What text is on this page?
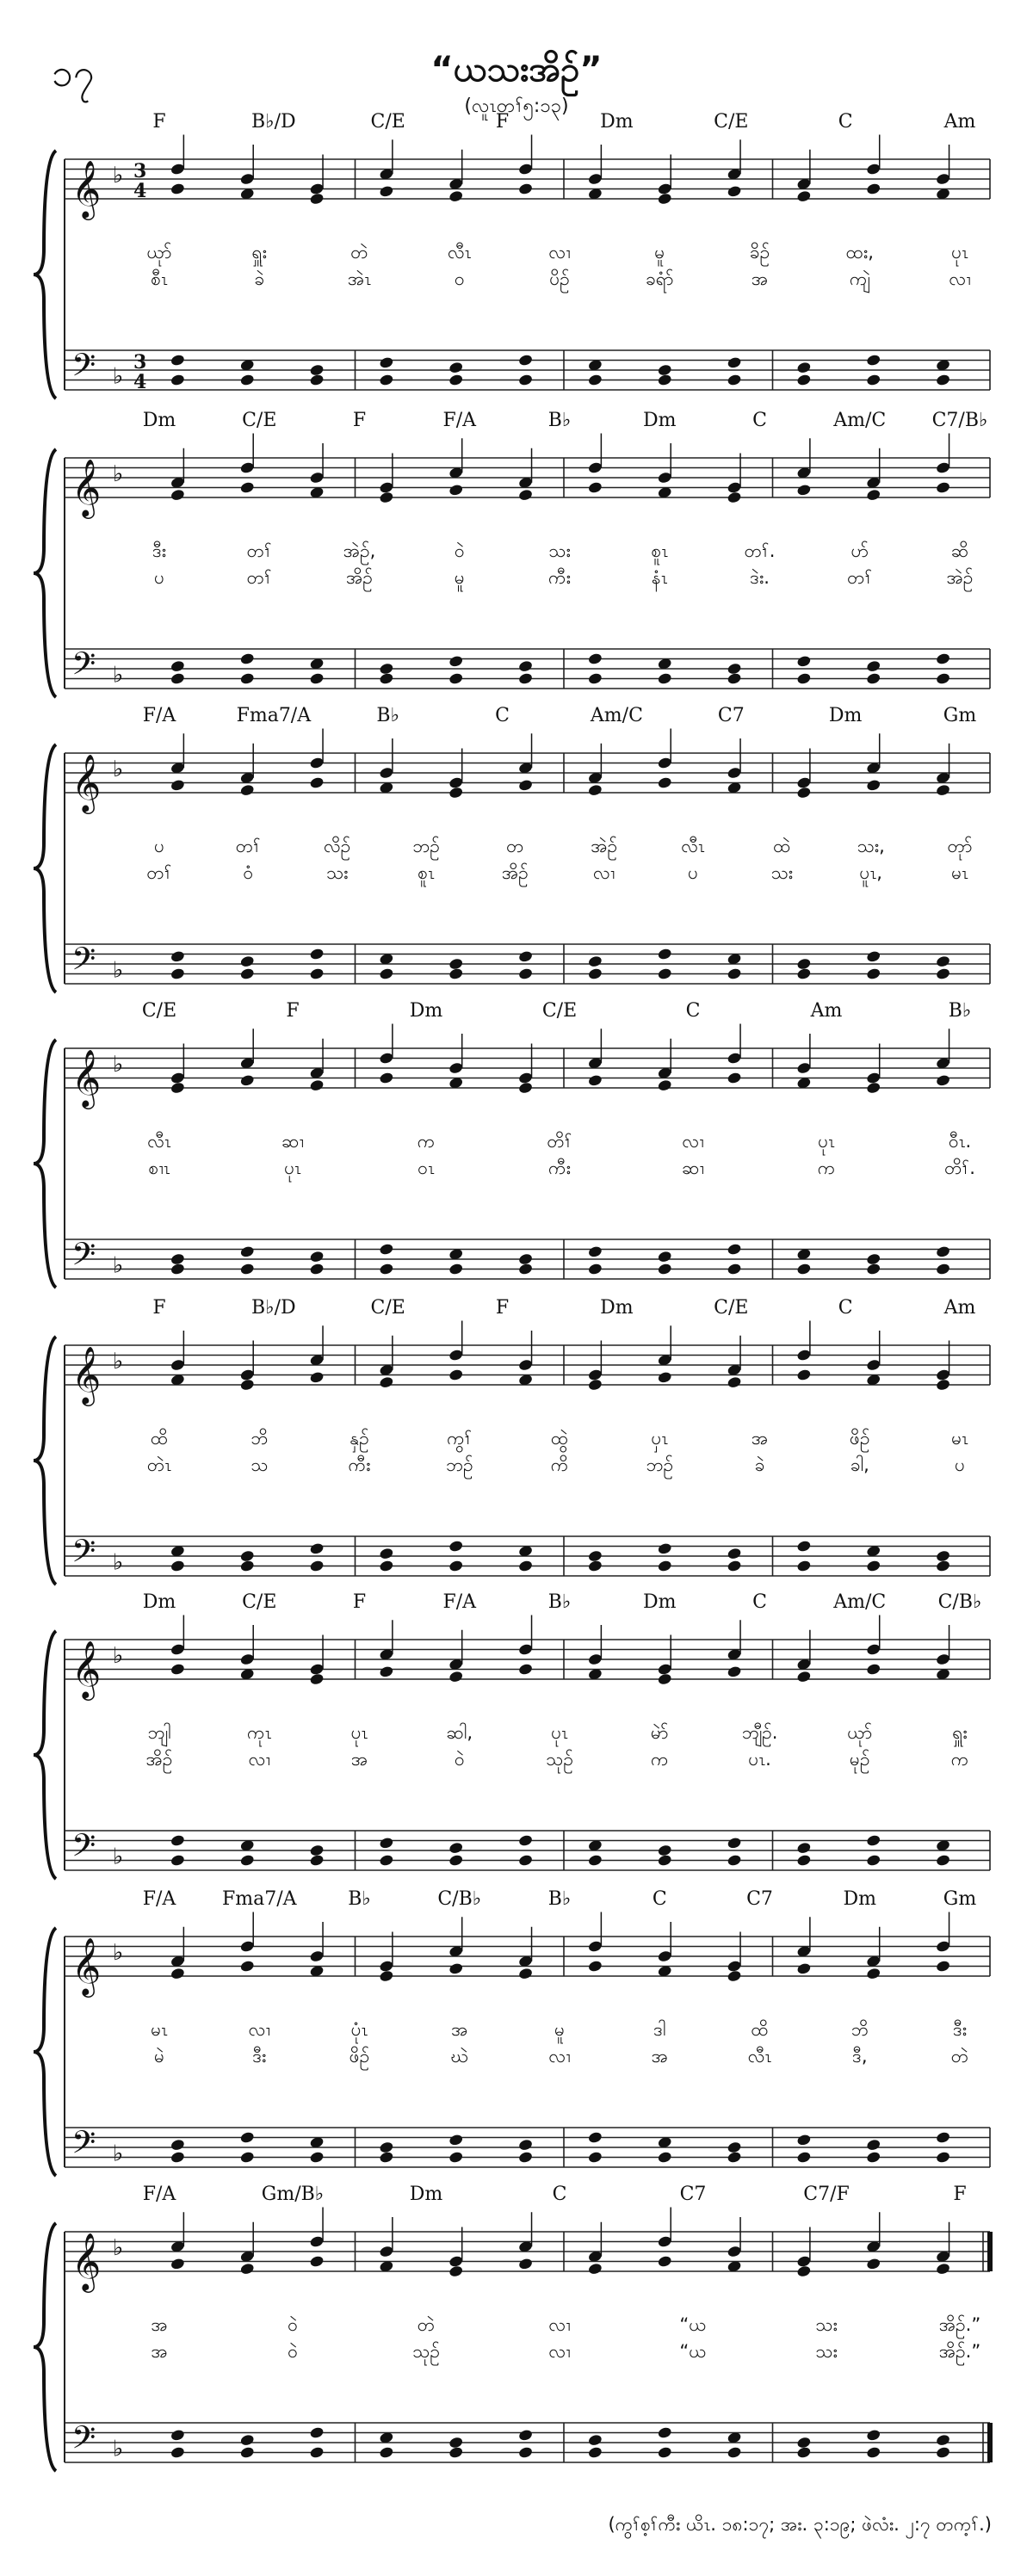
၁၇	“ယသးအိဉ်”
(လူၤတၢ်၅:၁၃)
𝄞
𝄢
♭
♭
3
4
3
4
𝄞
𝄢
♭
♭
𝄞
𝄢
♭
♭
𝄞
𝄢
♭
♭
𝄞
𝄢
♭
♭
𝄞
𝄢
♭
♭
𝄞
𝄢
♭
♭
𝄞
𝄢
♭
♭
F	B♭/D	C/E	F	Dm	C/E	C	Am
ယုာ်
စီၤ
ရှူး
ခဲ
တဲ
အဲၤ
လီၤ
ဝ
လၢ
ပိဉ်
မူ
ခရံာ်
ခိဉ်
အ
ထး,
ကျဲ
ပုၤ
လၢ
Dm	C/E	F	F/A	B♭	Dm	C	Am/C C7/B♭
ဒီး
ပ
တၢ်
တၢ်
အဲဉ်,
အိဉ်
ဝဲ
မူ
သး
ကီး
စူၤ
နံၤ
တၢ်.
ဒဲး.
ပာ်
တၢ်
ဆိ
အဲဉ်
F/A	Fma7/A	B♭	C	Am/C	C7	Dm	Gm
ပ
တၢ်
တၢ်
ဝံ
လိဉ်
သး
ဘဉ်
စူၤ
တ
အိဉ်
အဲဉ်
လၢ
လီၤ
ပ
ထဲ
သး
သး,
ပူၤ,
တုာ်
မၤ
C/E	F	Dm	C/E	C	Am	B♭
လီၤ
စၢၤ
ဆၢ
ပုၤ
က
ဝၤ
တိၢ်
ကီး
လၢ
ဆၢ
ပုၤ
က
ဝီၤ.
တိၢ်.
F	B♭/D	C/E	F	Dm	C/E	C	Am
ထိ
တဲၤ
ဘိ
သ
နှဉ်
ကီး
ကွၢ်
ဘဉ်
ထွဲ
ကိ
ပှၤ
ဘဉ်
အ
ခဲ
ဖိဉ်
ခါ,
မၤ
ပ
Dm	C/E	F	F/A	B♭	Dm	C	Am/C	C/B♭
ဘျါ
အိဉ်
ကုၤ
လၢ
ပုၤ
အ
ဆါ,
ဝဲ
ပုၤ
သုဉ်
မဲာ်
က
ဘျီဉ်.
ပၤ.
ယုာ်
မုဉ်
ရှူး
က
F/A Fma7/A	B♭	C/B♭	B♭	C	C7	Dm	Gm
မၤ
မဲ
လၢ
ဒီး
ပုံၤ
ဖိဉ်
အ
ဃဲ
မူ
လၢ
ဒါ
အ
ထိ
လီၤ
ဘိ
ဒီ,
ဒီး
တဲ
F/A	Gm/B♭	Dm	C	C7	C7/F	F
အ
အ
ဝဲ
ဝဲ
တဲ
သုဉ်
လၢ
လၢ
“ယ
“ယ
သး
သး
အိဉ်.”
အိဉ်.”
(ကွၢ်စ့ၢ်ကီး ယိၤ. ၁၈:၁၇; အး. ၃:၁၉; ဖဲလံး. ၂:၇ တက့ၢ်.)
